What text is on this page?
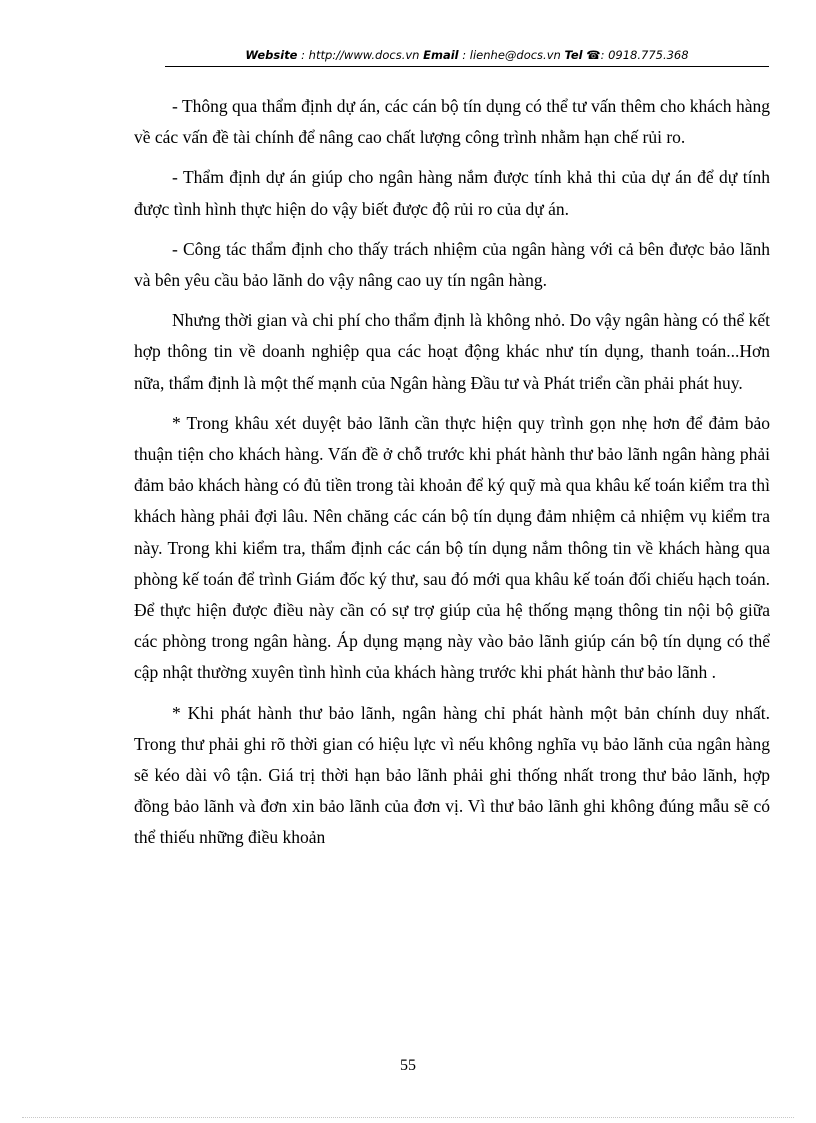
Website : http://www.docs.vn Email : lienhe@docs.vn Tel ☎: 0918.775.368

- Thông qua thẩm định dự án, các cán bộ tín dụng có thể tư vấn thêm cho khách hàng về các vấn đề tài chính để nâng cao chất lượng công trình nhằm hạn chế rủi ro.

- Thẩm định dự án giúp cho ngân hàng nắm được tính khả thi của dự án để dự tính được tình hình thực hiện do vậy biết được độ rủi ro của dự án.

- Công tác thẩm định cho thấy trách nhiệm của ngân hàng với cả bên được bảo lãnh và bên yêu cầu bảo lãnh do vậy nâng cao uy tín ngân hàng.

Nhưng thời gian và chi phí cho thẩm định là không nhỏ. Do vậy ngân hàng có thể kết hợp thông tin về doanh nghiệp qua các hoạt động khác như tín dụng, thanh toán...Hơn nữa, thẩm định là một thế mạnh của Ngân hàng Đầu tư và Phát triển cần phải phát huy.

* Trong khâu xét duyệt bảo lãnh cần thực hiện quy trình gọn nhẹ hơn để đảm bảo thuận tiện cho khách hàng. Vấn đề ở chỗ trước khi phát hành thư bảo lãnh ngân hàng phải đảm bảo khách hàng có đủ tiền trong tài khoản để ký quỹ mà qua khâu kế toán kiểm tra thì khách hàng phải đợi lâu. Nên chăng các cán bộ tín dụng đảm nhiệm cả nhiệm vụ kiểm tra này. Trong khi kiểm tra, thẩm định các cán bộ tín dụng nắm thông tin về khách hàng qua phòng kế toán để trình Giám đốc ký thư, sau đó mới qua khâu kế toán đối chiếu hạch toán. Để thực hiện được điều này cần có sự trợ giúp của hệ thống mạng thông tin nội bộ giữa các phòng trong ngân hàng. Áp dụng mạng này vào bảo lãnh giúp cán bộ tín dụng có thể cập nhật thường xuyên tình hình của khách hàng trước khi phát hành thư bảo lãnh .

* Khi phát hành thư bảo lãnh, ngân hàng chỉ phát hành một bản chính duy nhất. Trong thư phải ghi rõ thời gian có hiệu lực vì nếu không nghĩa vụ bảo lãnh của ngân hàng sẽ kéo dài vô tận. Giá trị thời hạn bảo lãnh phải ghi thống nhất trong thư bảo lãnh, hợp đồng bảo lãnh và đơn xin bảo lãnh của đơn vị. Vì thư bảo lãnh ghi không đúng mẫu sẽ có thể thiếu những điều khoản

55
